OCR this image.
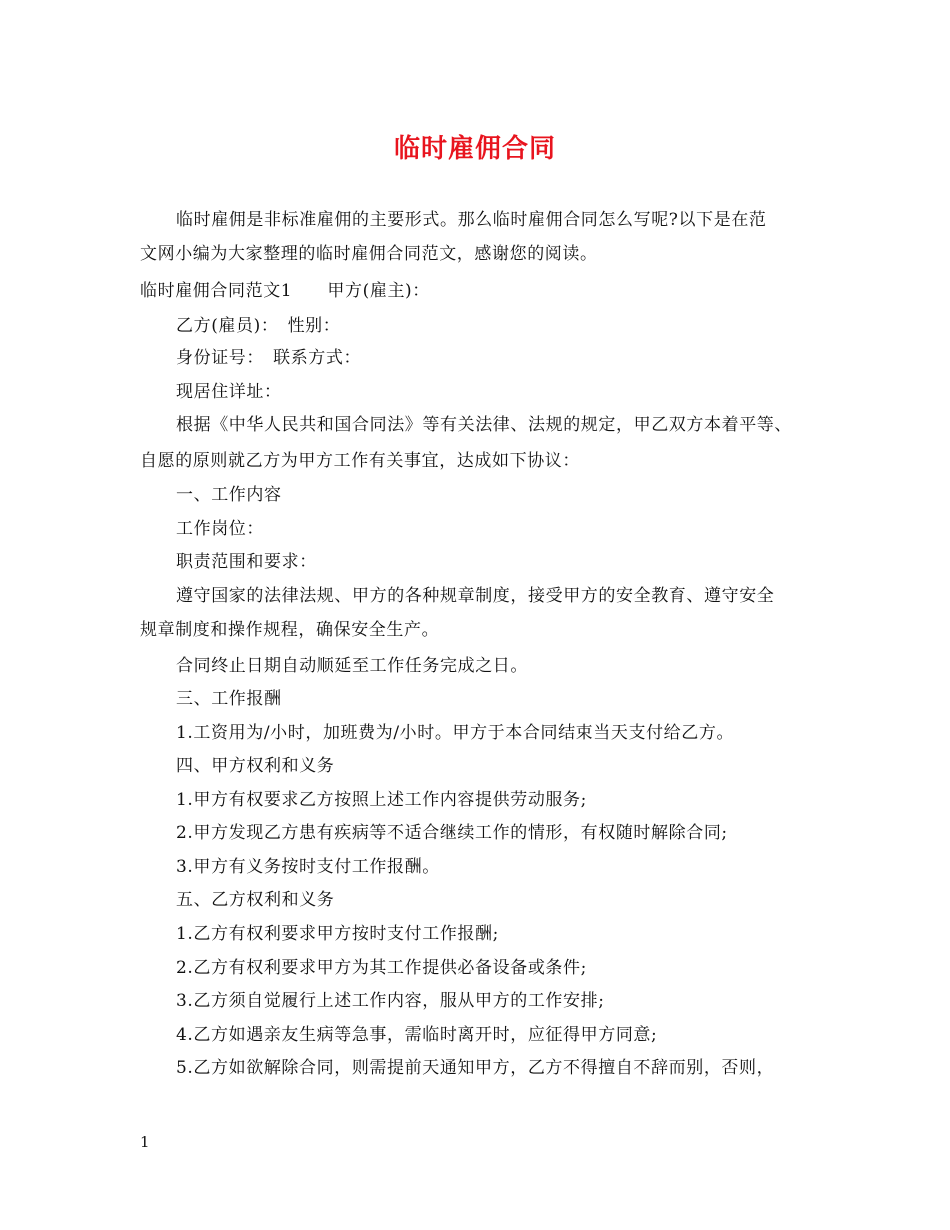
临时雇佣合同
临时雇佣是非标准雇佣的主要形式。那么临时雇佣合同怎么写呢?以下是在范
文网小编为大家整理的临时雇佣合同范文，感谢您的阅读。
临时雇佣合同范文1　　甲方(雇主)：
乙方(雇员)：　性别：
身份证号：　联系方式：
现居住详址：
根据《中华人民共和国合同法》等有关法律、法规的规定，甲乙双方本着平等、
自愿的原则就乙方为甲方工作有关事宜，达成如下协议：
一、工作内容
工作岗位：
职责范围和要求：
遵守国家的法律法规、甲方的各种规章制度，接受甲方的安全教育、遵守安全
规章制度和操作规程，确保安全生产。
合同终止日期自动顺延至工作任务完成之日。
三、工作报酬
1.工资用为/小时，加班费为/小时。甲方于本合同结束当天支付给乙方。
四、甲方权利和义务
1.甲方有权要求乙方按照上述工作内容提供劳动服务;
2.甲方发现乙方患有疾病等不适合继续工作的情形，有权随时解除合同;
3.甲方有义务按时支付工作报酬。
五、乙方权利和义务
1.乙方有权利要求甲方按时支付工作报酬;
2.乙方有权利要求甲方为其工作提供必备设备或条件;
3.乙方须自觉履行上述工作内容，服从甲方的工作安排;
4.乙方如遇亲友生病等急事，需临时离开时，应征得甲方同意;
5.乙方如欲解除合同，则需提前天通知甲方，乙方不得擅自不辞而别，否则，
1
